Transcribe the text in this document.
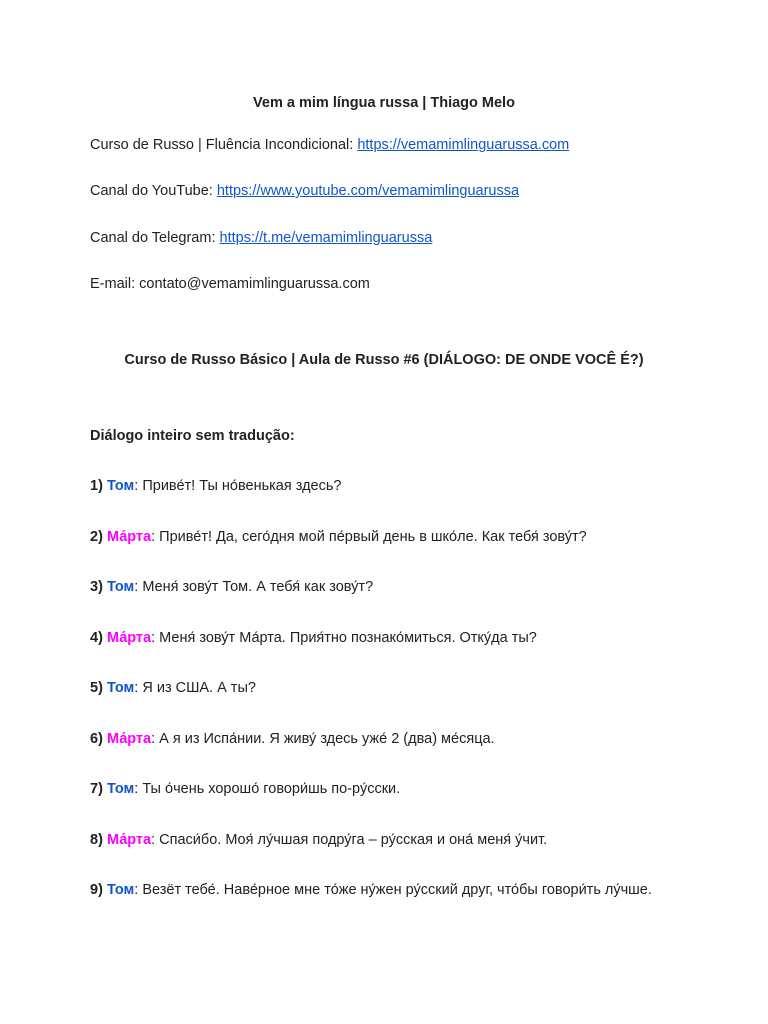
Vem a mim língua russa | Thiago Melo
Curso de Russo | Fluência Incondicional: https://vemamimlinguarussa.com
Canal do YouTube: https://www.youtube.com/vemamimlinguarussa
Canal do Telegram: https://t.me/vemamimlinguarussa
E-mail: contato@vemamimlinguarussa.com
Curso de Russo Básico | Aula de Russo #6 (DIÁLOGO: DE ONDE VOCÊ É?)
Diálogo inteiro sem tradução:
1) Том: Приве́т! Ты но́венькая здесь?
2) Ма́рта: Приве́т! Да, сего́дня мой пе́рвый день в шко́ле. Как тебя́ зову́т?
3) Том: Меня́ зову́т Том. А тебя́ как зову́т?
4) Ма́рта: Меня́ зову́т Ма́рта. Прия́тно познако́миться. Отку́да ты?
5) Том: Я из США. А ты?
6) Ма́рта: А я из Испа́нии. Я живу́ здесь уже́ 2 (два) ме́сяца.
7) Том: Ты о́чень хорошо́ говори́шь по-ру́сски.
8) Ма́рта: Спаси́бо. Моя́ лу́чшая подру́га – ру́сская и она́ меня́ у́чит.
9) Том: Везёт тебе́. Наве́рное мне то́же ну́жен ру́сский друг, что́бы говори́ть лу́чше.
